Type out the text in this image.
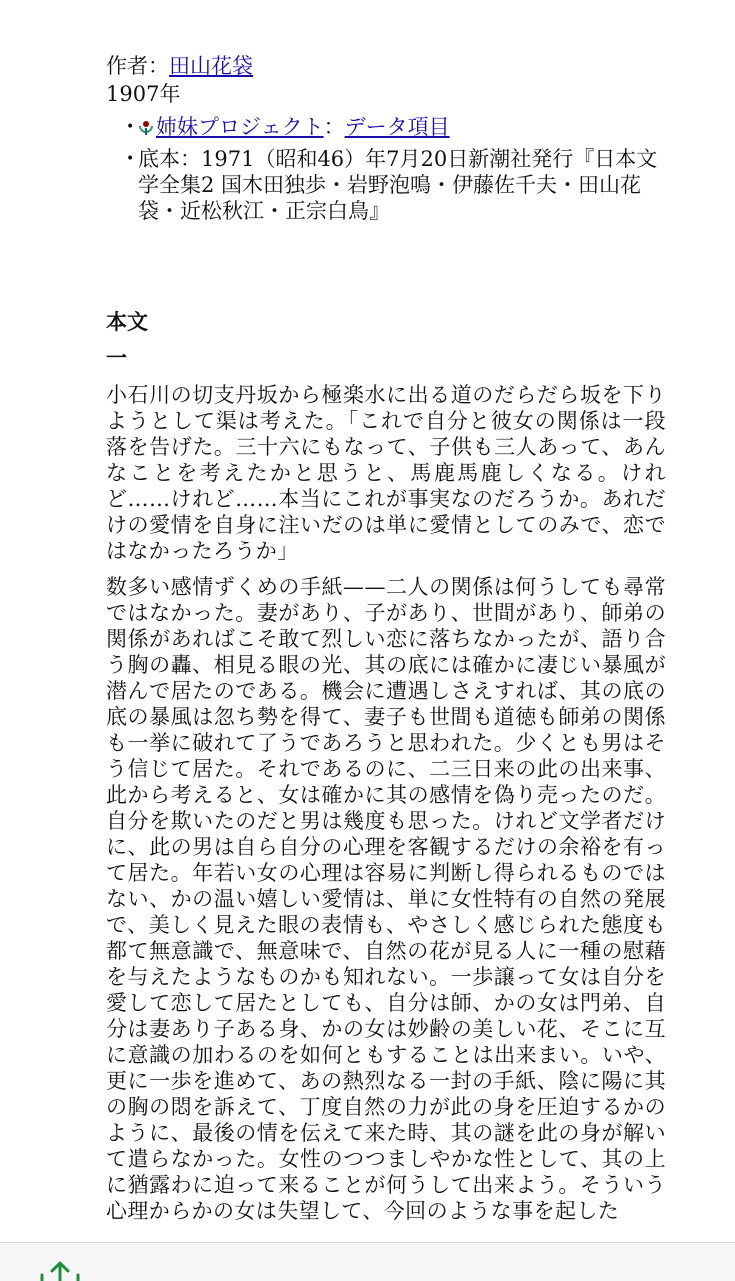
作者：田山花袋
1907年
• 姉妹プロジェクト：データ項目
• 底本：1971（昭和46）年7月20日新潮社発行『日本文学全集2 国木田独歩・岩野泡鳴・伊藤佐千夫・田山花袋・近松秋江・正宗白鳥』
本文
一

小石川の切支丹坂から極楽水に出る道のだらだら坂を下りようとして渠は考えた。「これで自分と彼女の関係は一段落を告げた。三十六にもなって、子供も三人あって、あんなことを考えたかと思うと、馬鹿馬鹿しくなる。けれど……けれど……本当にこれが事実なのだろうか。あれだけの愛情を自身に注いだのは単に愛情としてのみで、恋ではなかったろうか」

数多い感情ずくめの手紙——二人の関係は何うしても尋常ではなかった。妻があり、子があり、世間があり、師弟の関係があればこそ敢て烈しい恋に落ちなかったが、語り合う胸の轟、相見る眼の光、其の底には確かに凄じい暴風が潜んで居たのである。機会に遭遇しさえすれば、其の底の底の暴風は忽ち勢を得て、妻子も世間も道徳も師弟の関係も一挙に破れて了うであろうと思われた。少くとも男はそう信じて居た。それであるのに、二三日来の此の出来事、此から考えると、女は確かに其の感情を偽り売ったのだ。自分を欺いたのだと男は幾度も思った。けれど文学者だけに、此の男は自ら自分の心理を客観するだけの余裕を有って居た。年若い女の心理は容易に判断し得られるものではない、かの温い嬉しい愛情は、単に女性特有の自然の発展で、美しく見えた眼の表情も、やさしく感じられた態度も都て無意識で、無意味で、自然の花が見る人に一種の慰藉を与えたようなものかも知れない。一歩譲って女は自分を愛して恋して居たとしても、自分は師、かの女は門弟、自分は妻あり子ある身、かの女は妙齢の美しい花、そこに互に意識の加わるのを如何ともすることは出来まい。いや、更に一歩を進めて、あの熱烈なる一封の手紙、陰に陽に其の胸の悶を訴えて、丁度自然の力が此の身を圧迫するかのように、最後の情を伝えて来た時、其の謎を此の身が解いて遣らなかった。女性のつつましやかな性として、其の上に猶露わに迫って来ることが何うして出来よう。そういう心理からかの女は失望して、今回のような事を起した
